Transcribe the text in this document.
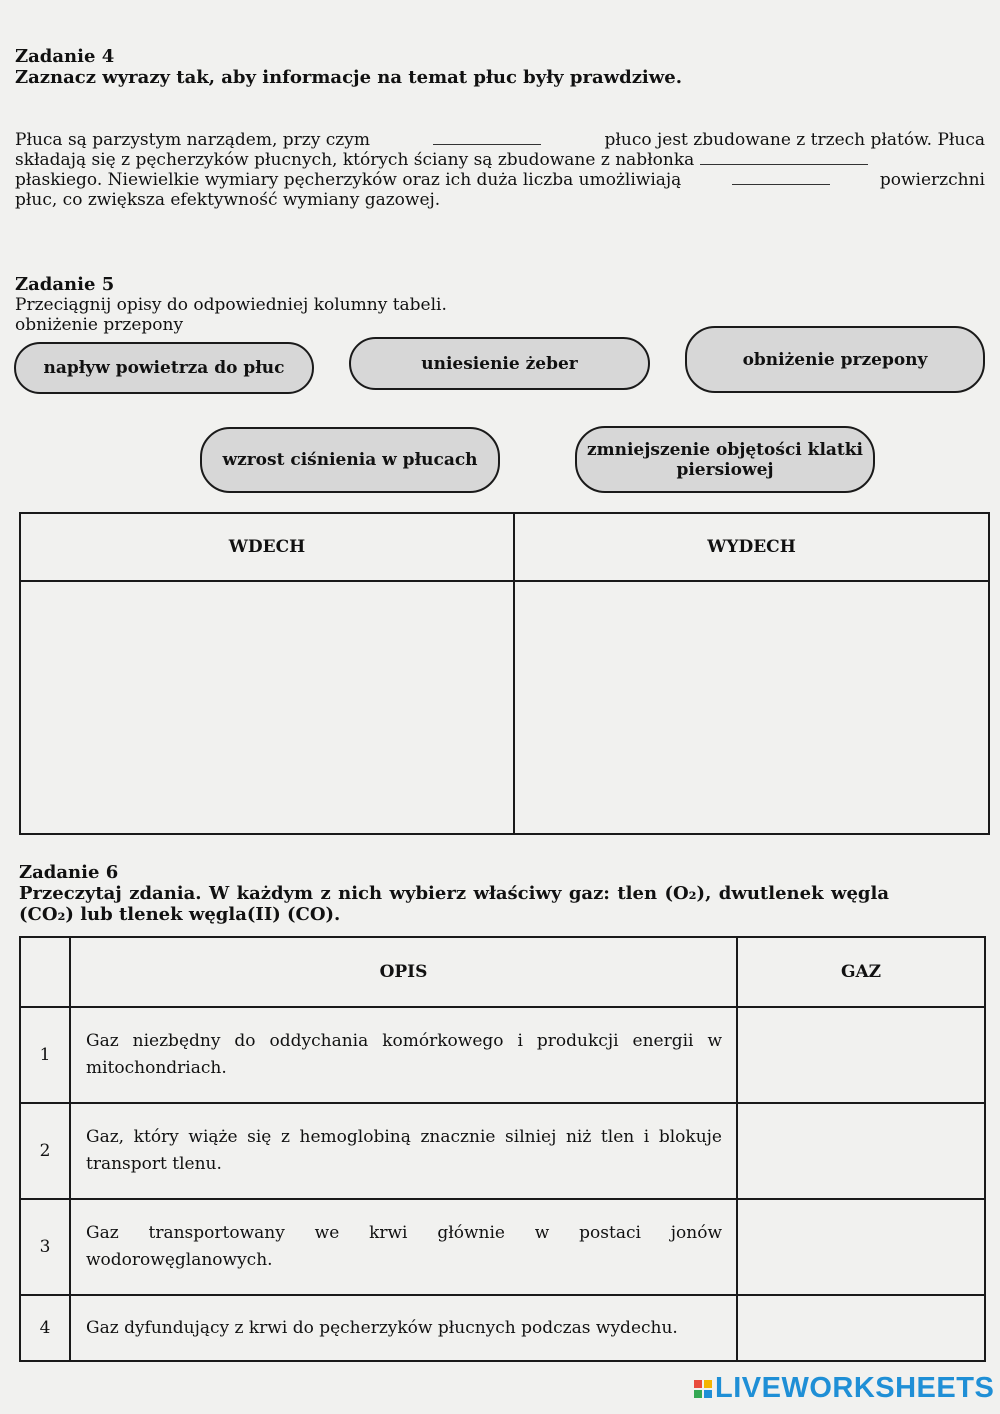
Zadanie 4
Zaznacz wyrazy tak, aby informacje na temat płuc były prawdziwe.
Płuca są parzystym narządem, przy czym	płuco jest zbudowane z trzech płatów. Płuca
składają się z pęcherzyków płucnych, których ściany są zbudowane z nabłonka
płaskiego. Niewielkie wymiary pęcherzyków oraz ich duża liczba umożliwiają	powierzchni
płuc, co zwiększa efektywność wymiany gazowej.
Zadanie 5
Przeciągnij opisy do odpowiedniej kolumny tabeli.
obniżenie przepony
napływ powietrza do płuc	uniesienie żeber	obniżenie przepony
wzrost ciśnienia w płucach
zmniejszenie objętości klatki piersiowej
WDECH	WYDECH

Zadanie 6
Przeczytaj zdania. W każdym z nich wybierz właściwy gaz: tlen (O₂), dwutlenek węgla (CO₂) lub tlenek węgla(II) (CO).
	OPIS	GAZ
1	Gaz niezbędny do oddychania komórkowego i produkcji energii w mitochondriach.	
2	Gaz, który wiąże się z hemoglobiną znacznie silniej niż tlen i blokuje transport tlenu.	
3	Gaz transportowany we krwi głównie w postaci jonów wodorowęglanowych.	
4	Gaz dyfundujący z krwi do pęcherzyków płucnych podczas wydechu.	
LIVEWORKSHEETS
